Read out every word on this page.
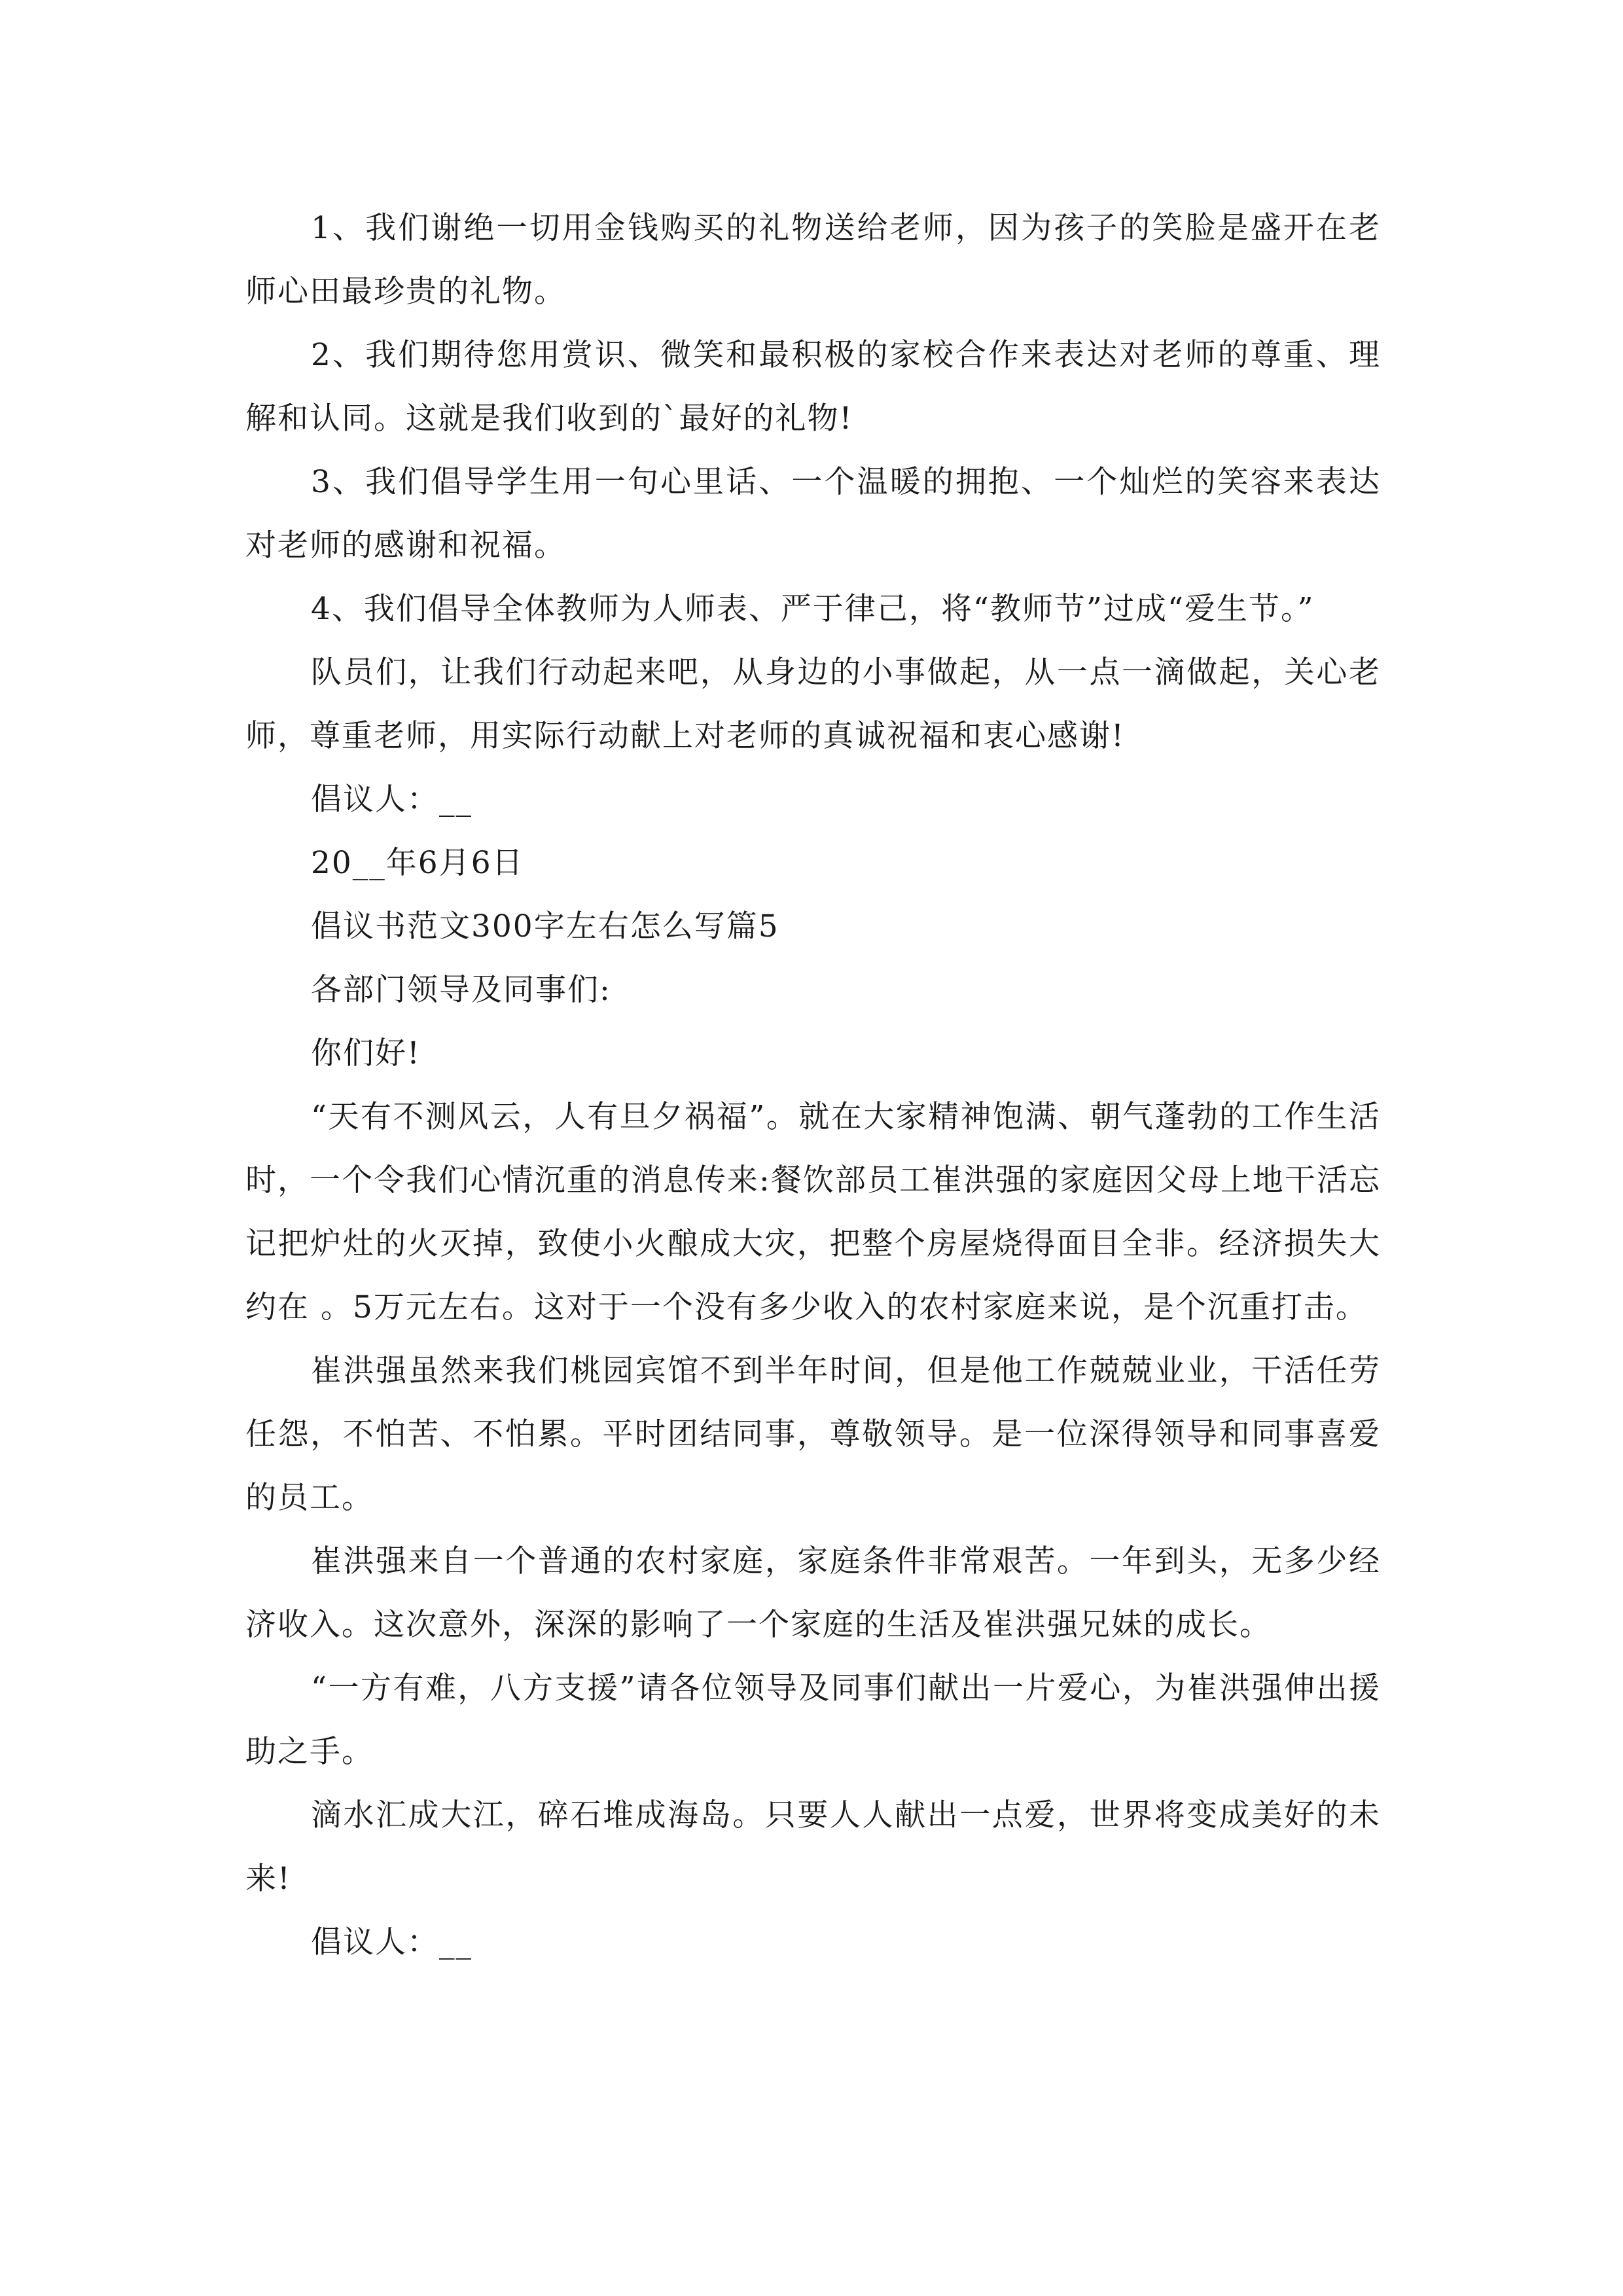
1、我们谢绝一切用金钱购买的礼物送给老师，因为孩子的笑脸是盛开在老师心田最珍贵的礼物。

2、我们期待您用赏识、微笑和最积极的家校合作来表达对老师的尊重、理解和认同。这就是我们收到的`最好的礼物!

3、我们倡导学生用一句心里话、一个温暖的拥抱、一个灿烂的笑容来表达对老师的感谢和祝福。

4、我们倡导全体教师为人师表、严于律己，将“教师节”过成“爱生节。”

队员们，让我们行动起来吧，从身边的小事做起，从一点一滴做起，关心老师，尊重老师，用实际行动献上对老师的真诚祝福和衷心感谢!

倡议人：__

20__年6月6日

倡议书范文300字左右怎么写篇5

各部门领导及同事们:

你们好!

“天有不测风云，人有旦夕祸福”。就在大家精神饱满、朝气蓬勃的工作生活时，一个令我们心情沉重的消息传来:餐饮部员工崔洪强的家庭因父母上地干活忘记把炉灶的火灭掉，致使小火酿成大灾，把整个房屋烧得面目全非。经济损失大约在 。5万元左右。这对于一个没有多少收入的农村家庭来说，是个沉重打击。

崔洪强虽然来我们桃园宾馆不到半年时间，但是他工作兢兢业业，干活任劳任怨，不怕苦、不怕累。平时团结同事，尊敬领导。是一位深得领导和同事喜爱的员工。

崔洪强来自一个普通的农村家庭，家庭条件非常艰苦。一年到头，无多少经济收入。这次意外，深深的影响了一个家庭的生活及崔洪强兄妹的成长。

“一方有难，八方支援”请各位领导及同事们献出一片爱心，为崔洪强伸出援助之手。

滴水汇成大江，碎石堆成海岛。只要人人献出一点爱，世界将变成美好的未来!

倡议人：__
